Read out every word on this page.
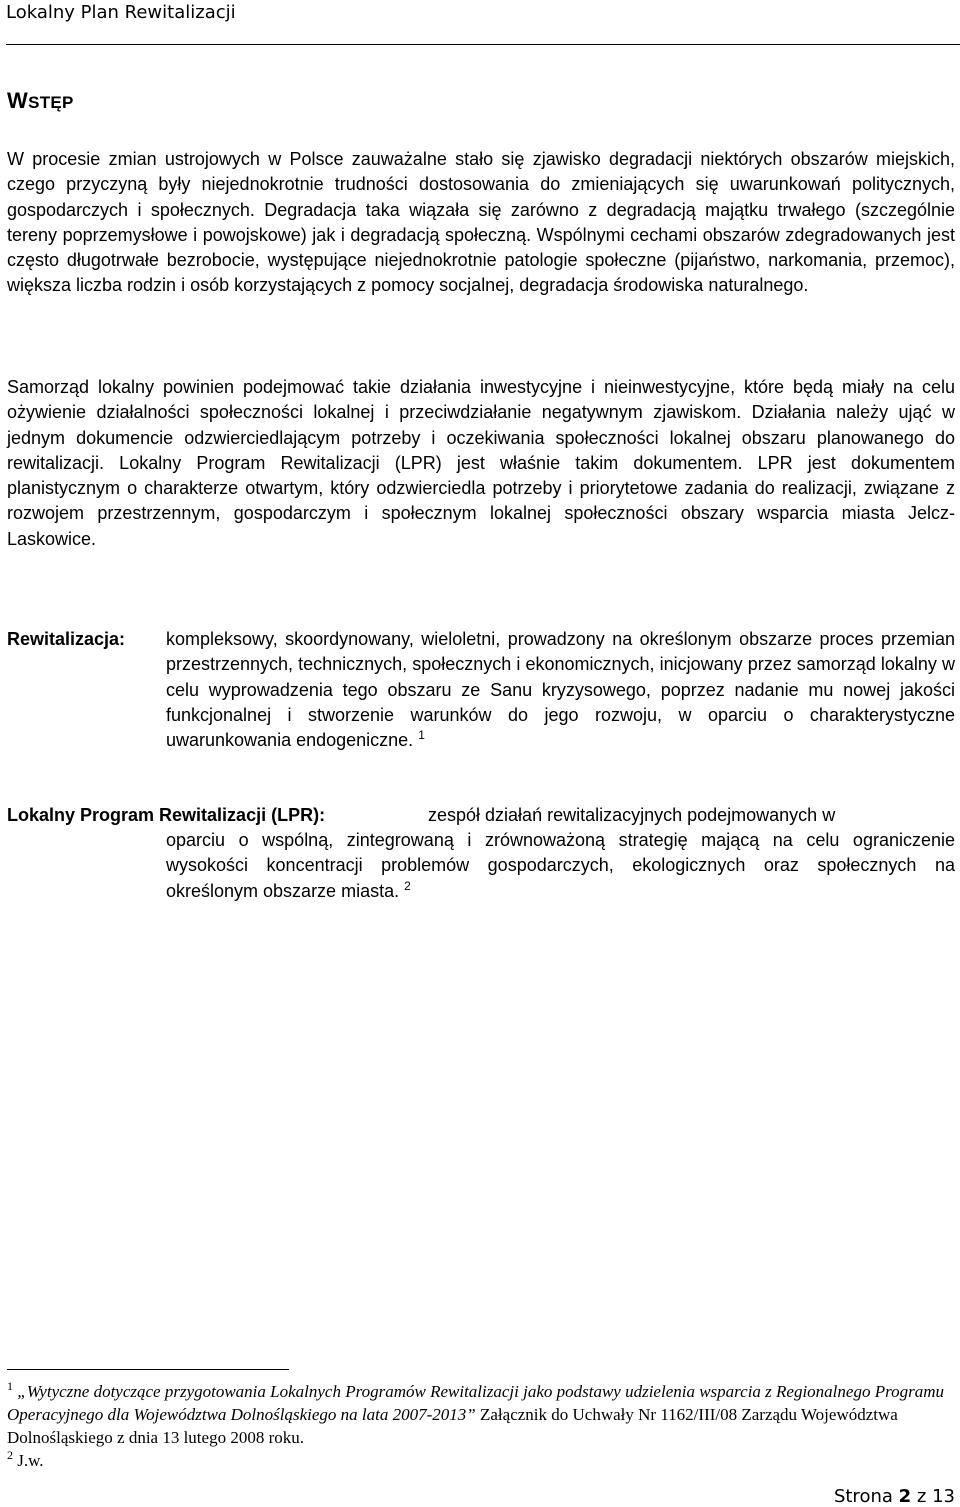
Lokalny Plan Rewitalizacji
WSTĘP
W procesie zmian ustrojowych w Polsce zauważalne stało się zjawisko degradacji niektórych obszarów miejskich, czego przyczyną były niejednokrotnie trudności dostosowania do zmieniających się uwarunkowań politycznych, gospodarczych i społecznych. Degradacja taka wiązała się zarówno z degradacją majątku trwałego (szczególnie tereny poprzemysłowe i powojskowe) jak i degradacją społeczną. Wspólnymi cechami obszarów zdegradowanych jest często długotrwałe bezrobocie, występujące niejednokrotnie patologie społeczne (pijaństwo, narkomania, przemoc), większa liczba rodzin i osób korzystających z pomocy socjalnej, degradacja środowiska naturalnego.
Samorząd lokalny powinien podejmować takie działania inwestycyjne i nieinwestycyjne, które będą miały na celu ożywienie działalności społeczności lokalnej i przeciwdziałanie negatywnym zjawiskom. Działania należy ująć w jednym dokumencie odzwierciedlającym potrzeby i oczekiwania społeczności lokalnej obszaru planowanego do rewitalizacji. Lokalny Program Rewitalizacji (LPR) jest właśnie takim dokumentem. LPR jest dokumentem planistycznym o charakterze otwartym, który odzwierciedla potrzeby i priorytetowe zadania do realizacji, związane z rozwojem przestrzennym, gospodarczym i społecznym lokalnej społeczności obszary wsparcia miasta Jelcz-Laskowice.
Rewitalizacja: kompleksowy, skoordynowany, wieloletni, prowadzony na określonym obszarze proces przemian przestrzennych, technicznych, społecznych i ekonomicznych, inicjowany przez samorząd lokalny w celu wyprowadzenia tego obszaru ze Sanu kryzysowego, poprzez nadanie mu nowej jakości funkcjonalnej i stworzenie warunków do jego rozwoju, w oparciu o charakterystyczne uwarunkowania endogeniczne. $^1$
Lokalny Program Rewitalizacji (LPR):	zespół działań rewitalizacyjnych podejmowanych w
oparciu o wspólną, zintegrowaną i zrównoważoną strategię mającą na celu ograniczenie wysokości koncentracji problemów gospodarczych, ekologicznych oraz społecznych na określonym obszarze miasta. $^2$
$^1$ „Wytyczne dotyczące przygotowania Lokalnych Programów Rewitalizacji jako podstawy udzielenia wsparcia z Regionalnego Programu Operacyjnego dla Województwa Dolnośląskiego na lata 2007-2013” Załącznik do Uchwały Nr 1162/III/08 Zarządu Województwa Dolnośląskiego z dnia 13 lutego 2008 roku.
$^2$ J.w.
Strona 2 z 13
